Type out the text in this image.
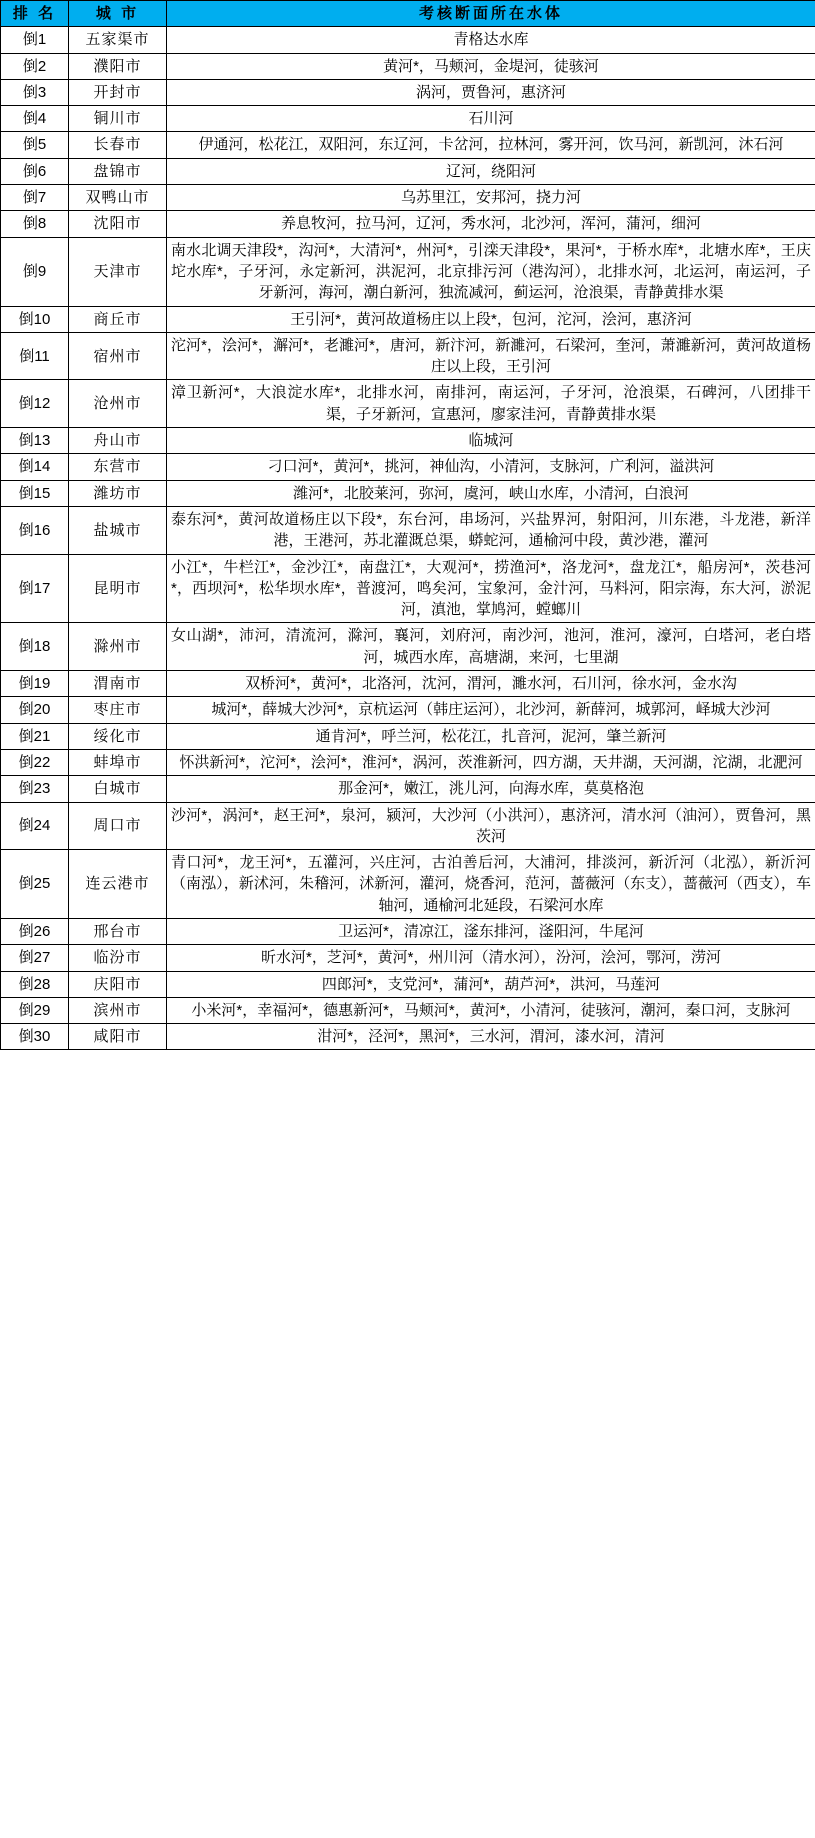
排 名	城 市	考核断面所在水体
倒1	五家渠市	青格达水库
倒2	濮阳市	黄河*，马颊河，金堤河，徒骇河
倒3	开封市	涡河，贾鲁河，惠济河
倒4	铜川市	石川河
倒5	长春市	伊通河，松花江，双阳河，东辽河，卡岔河，拉林河，雾开河，饮马河，新凯河，沐石河
倒6	盘锦市	辽河，绕阳河
倒7	双鸭山市	乌苏里江，安邦河，挠力河
倒8	沈阳市	养息牧河，拉马河，辽河，秀水河，北沙河，浑河，蒲河，细河
倒9	天津市	南水北调天津段*，沟河*，大清河*，州河*，引滦天津段*，果河*，于桥水库*，北塘水库*，王庆坨水库*，子牙河，永定新河，洪泥河，北京排污河（港沟河），北排水河，北运河，南运河，子牙新河，海河，潮白新河，独流减河，蓟运河，沧浪渠，青静黄排水渠
倒10	商丘市	王引河*，黄河故道杨庄以上段*，包河，沱河，浍河，惠济河
倒11	宿州市	沱河*，浍河*，澥河*，老濉河*，唐河，新汴河，新濉河，石梁河，奎河，萧濉新河，黄河故道杨庄以上段，王引河
倒12	沧州市	漳卫新河*，大浪淀水库*，北排水河，南排河，南运河，子牙河，沧浪渠，石碑河，八团排干渠，子牙新河，宣惠河，廖家洼河，青静黄排水渠
倒13	舟山市	临城河
倒14	东营市	刁口河*，黄河*，挑河，神仙沟，小清河，支脉河，广利河，溢洪河
倒15	潍坊市	潍河*，北胶莱河，弥河，虞河，峡山水库，小清河，白浪河
倒16	盐城市	泰东河*，黄河故道杨庄以下段*，东台河，串场河，兴盐界河，射阳河，川东港，斗龙港，新洋港，王港河，苏北灌溉总渠，蟒蛇河，通榆河中段，黄沙港，灌河
倒17	昆明市	小江*，牛栏江*，金沙江*，南盘江*，大观河*，捞渔河*，洛龙河*，盘龙江*，船房河*，茨巷河*，西坝河*，松华坝水库*，普渡河，鸣矣河，宝象河，金汁河，马料河，阳宗海，东大河，淤泥河，滇池，掌鸠河，螳螂川
倒18	滁州市	女山湖*，沛河，清流河，滁河，襄河，刘府河，南沙河，池河，淮河，濠河，白塔河，老白塔河，城西水库，高塘湖，来河，七里湖
倒19	渭南市	双桥河*，黄河*，北洛河，沈河，渭河，濉水河，石川河，徐水河，金水沟
倒20	枣庄市	城河*，薛城大沙河*，京杭运河（韩庄运河），北沙河，新薛河，城郭河，峄城大沙河
倒21	绥化市	通肯河*，呼兰河，松花江，扎音河，泥河，肇兰新河
倒22	蚌埠市	怀洪新河*，沱河*，浍河*，淮河*，涡河，茨淮新河，四方湖，天井湖，天河湖，沱湖，北淝河
倒23	白城市	那金河*，嫩江，洮儿河，向海水库，莫莫格泡
倒24	周口市	沙河*，涡河*，赵王河*，泉河，颍河，大沙河（小洪河），惠济河，清水河（油河），贾鲁河，黑茨河
倒25	连云港市	青口河*，龙王河*，五灌河，兴庄河，古泊善后河，大浦河，排淡河，新沂河（北泓），新沂河（南泓），新沭河，朱稽河，沭新河，灌河，烧香河，范河，蔷薇河（东支），蔷薇河（西支），车轴河，通榆河北延段，石梁河水库
倒26	邢台市	卫运河*，清凉江，滏东排河，滏阳河，牛尾河
倒27	临汾市	昕水河*，芝河*，黄河*，州川河（清水河），汾河，浍河，鄂河，涝河
倒28	庆阳市	四郎河*，支党河*，蒲河*，葫芦河*，洪河，马莲河
倒29	滨州市	小米河*，幸福河*，德惠新河*，马颊河*，黄河*，小清河，徒骇河，潮河，秦口河，支脉河
倒30	咸阳市	泔河*，泾河*，黑河*，三水河，渭河，漆水河，清河
